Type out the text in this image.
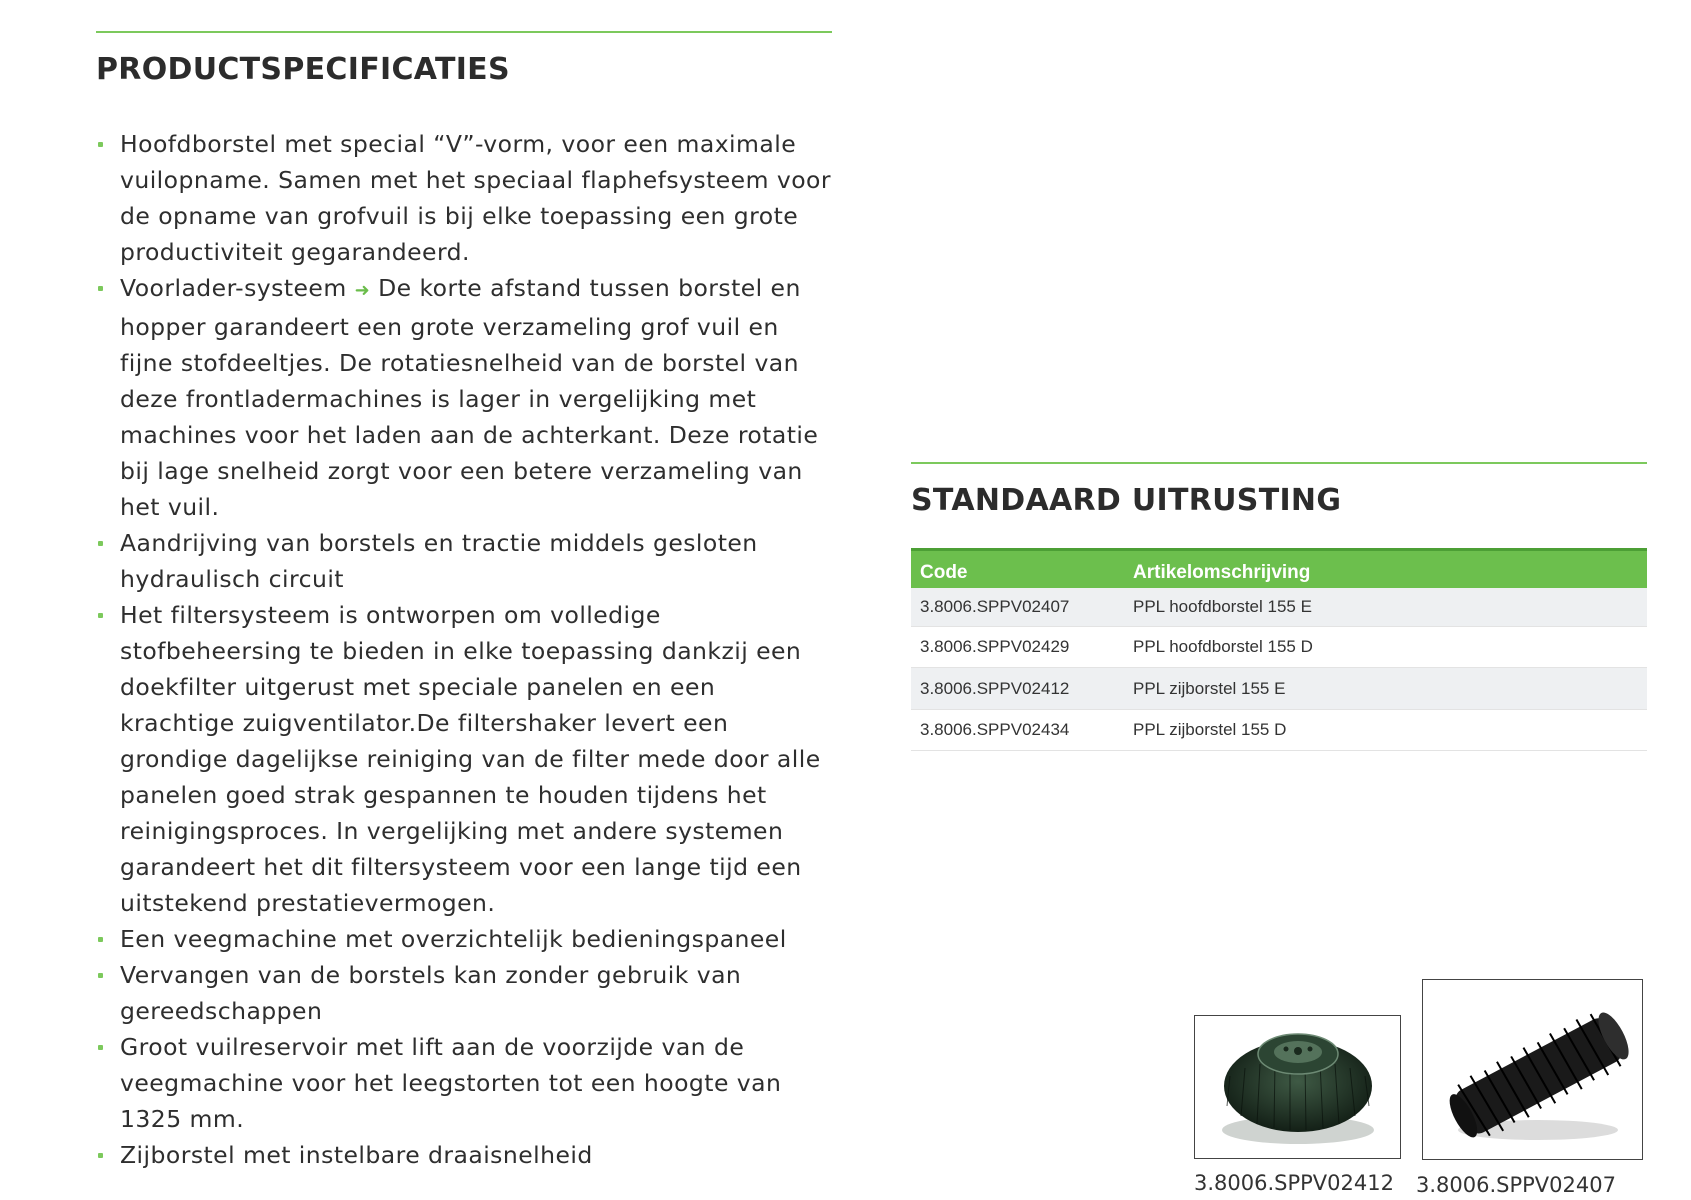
PRODUCTSPECIFICATIES
Hoofdborstel met special “V”-vorm, voor een maximale vuilopname. Samen met het speciaal flaphefsysteem voor de opname van grofvuil is bij elke toepassing een grote productiviteit gegarandeerd.
Voorlader-systeem ➜ De korte afstand tussen borstel en hopper garandeert een grote verzameling grof vuil en fijne stofdeeltjes. De rotatiesnelheid van de borstel van deze frontladermachines is lager in vergelijking met machines voor het laden aan de achterkant. Deze rotatie bij lage snelheid zorgt voor een betere verzameling van het vuil.
Aandrijving van borstels en tractie middels gesloten hydraulisch circuit
Het filtersysteem is ontworpen om volledige stofbeheersing te bieden in elke toepassing dankzij een doekfilter uitgerust met speciale panelen en een krachtige zuigventilator.De filtershaker levert een grondige dagelijkse reiniging van de filter mede door alle panelen goed strak gespannen te houden tijdens het reinigingsproces. In vergelijking met andere systemen garandeert het dit filtersysteem voor een lange tijd een uitstekend prestatievermogen.
Een veegmachine met overzichtelijk bedieningspaneel
Vervangen van de borstels kan zonder gebruik van gereedschappen
Groot vuilreservoir met lift aan de voorzijde van de veegmachine voor het leegstorten tot een hoogte van 1325 mm.
Zijborstel met instelbare draaisnelheid
STANDAARD UITRUSTING
Code	Artikelomschrijving
3.8006.SPPV02407	PPL hoofdborstel 155 E
3.8006.SPPV02429	PPL hoofdborstel 155 D
3.8006.SPPV02412	PPL zijborstel 155 E
3.8006.SPPV02434	PPL zijborstel 155 D
3.8006.SPPV02412 3.8006.SPPV02407
